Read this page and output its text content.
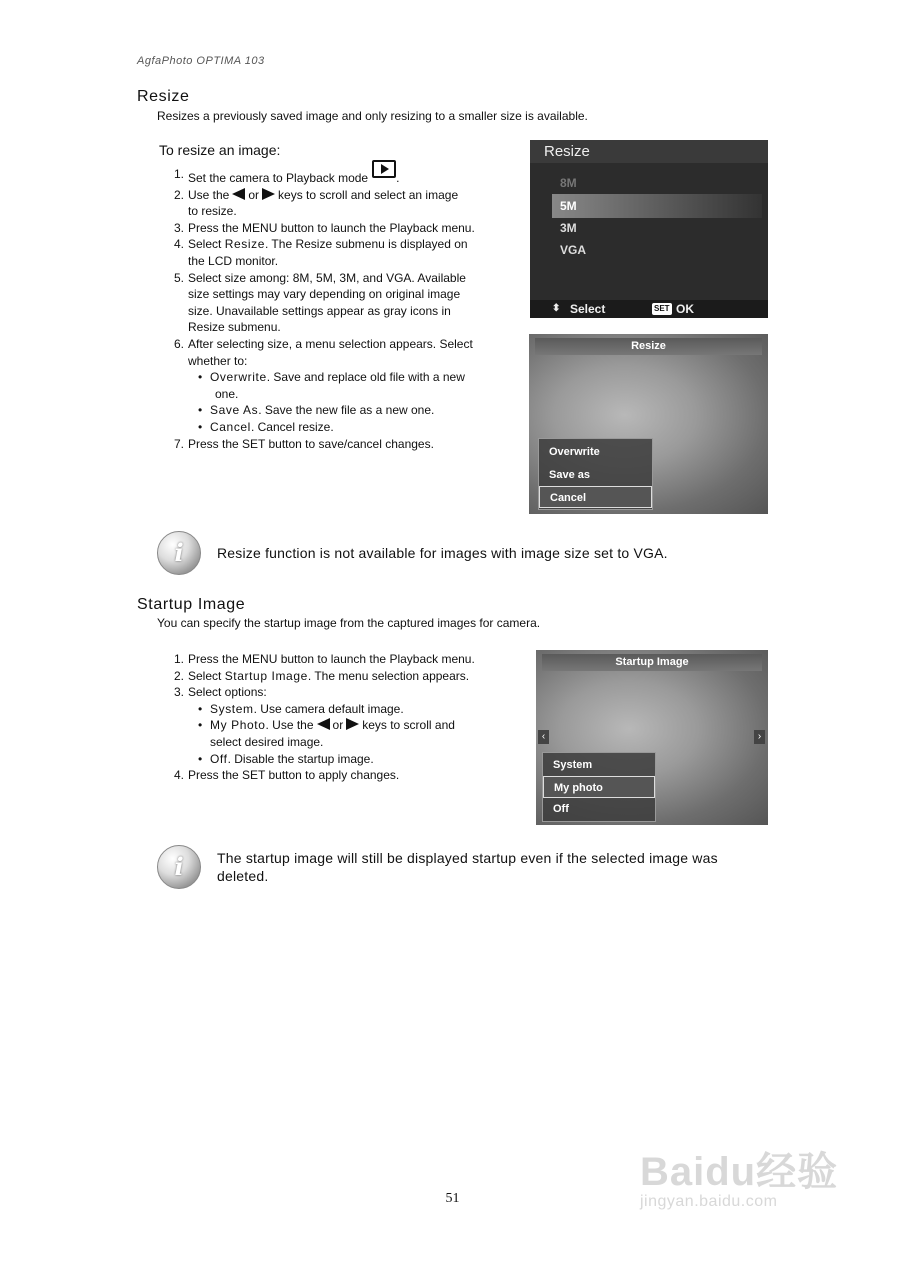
AgfaPhoto OPTIMA 103
Resize
Resizes a previously saved image and only resizing to a smaller size is available.
To resize an image:
1. Set the camera to Playback mode .
2. Use the or keys to scroll and select an image
to resize.
3. Press the MENU button to launch the Playback menu.
4. Select Resize. The Resize submenu is displayed on
the LCD monitor.
5. Select size among: 8M, 5M, 3M, and VGA. Available
size settings may vary depending on original image
size. Unavailable settings appear as gray icons in
Resize submenu.
6. After selecting size, a menu selection appears. Select
whether to:
• Overwrite. Save and replace old file with a new
one.
• Save As. Save the new file as a new one.
• Cancel. Cancel resize.
7. Press the SET button to save/cancel changes.
Resize
8M
5M
3M
VGA
⬍ Select	SET OK
Resize
Overwrite
Save as
Cancel
i	Resize function is not available for images with image size set to VGA.
Startup Image
You can specify the startup image from the captured images for camera.
1. Press the MENU button to launch the Playback menu.
2. Select Startup Image. The menu selection appears.
3. Select options:
• System. Use camera default image.
• My Photo. Use the or keys to scroll and
select desired image.
• Off. Disable the startup image.
4. Press the SET button to apply changes.
Startup Image
‹	›
System
My photo
Off
i	The startup image will still be displayed startup even if the selected image was
deleted.
51
Baidu经验
jingyan.baidu.com
